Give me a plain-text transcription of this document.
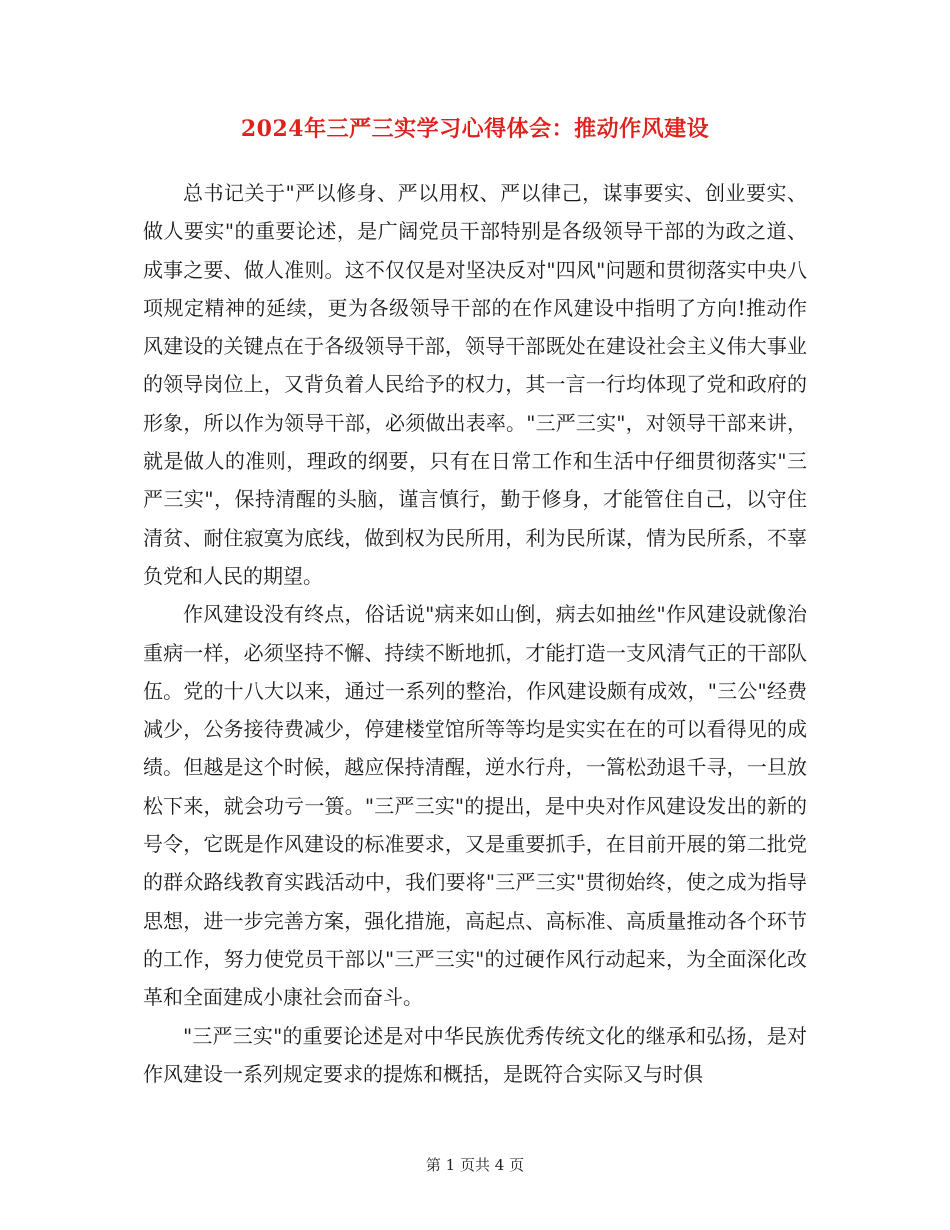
2024年三严三实学习心得体会：推动作风建设

总书记关于"严以修身、严以用权、严以律己，谋事要实、创业要实、做人要实"的重要论述，是广阔党员干部特别是各级领导干部的为政之道、成事之要、做人准则。这不仅仅是对坚决反对"四风"问题和贯彻落实中央八项规定精神的延续，更为各级领导干部的在作风建设中指明了方向!推动作风建设的关键点在于各级领导干部，领导干部既处在建设社会主义伟大事业的领导岗位上，又背负着人民给予的权力，其一言一行均体现了党和政府的形象，所以作为领导干部，必须做出表率。"三严三实"，对领导干部来讲，就是做人的准则，理政的纲要，只有在日常工作和生活中仔细贯彻落实"三严三实"，保持清醒的头脑，谨言慎行，勤于修身，才能管住自己，以守住清贫、耐住寂寞为底线，做到权为民所用，利为民所谋，情为民所系，不辜负党和人民的期望。

作风建设没有终点，俗话说"病来如山倒，病去如抽丝"作风建设就像治重病一样，必须坚持不懈、持续不断地抓，才能打造一支风清气正的干部队伍。党的十八大以来，通过一系列的整治，作风建设颇有成效，"三公"经费减少，公务接待费减少，停建楼堂馆所等等均是实实在在的可以看得见的成绩。但越是这个时候，越应保持清醒，逆水行舟，一篙松劲退千寻，一旦放松下来，就会功亏一篑。"三严三实"的提出，是中央对作风建设发出的新的号令，它既是作风建设的标准要求，又是重要抓手，在目前开展的第二批党的群众路线教育实践活动中，我们要将"三严三实"贯彻始终，使之成为指导思想，进一步完善方案，强化措施，高起点、高标准、高质量推动各个环节的工作，努力使党员干部以"三严三实"的过硬作风行动起来，为全面深化改革和全面建成小康社会而奋斗。

"三严三实"的重要论述是对中华民族优秀传统文化的继承和弘扬，是对作风建设一系列规定要求的提炼和概括，是既符合实际又与时俱

第 1 页共 4 页
